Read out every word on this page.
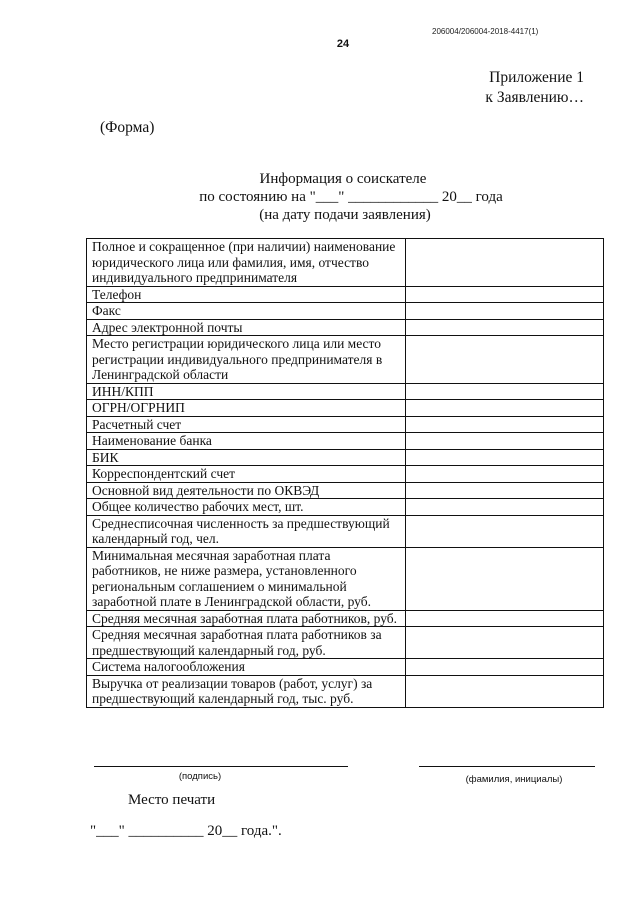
206004/206004-2018-4417(1)
24
Приложение 1
к Заявлению…
(Форма)
Информация о соискателе
по состоянию на "___" ____________ 20__ года
(на дату подачи заявления)
Полное и сокращенное (при наличии) наименование юридического лица или фамилия, имя, отчество индивидуального предпринимателя	
Телефон	
Факс	
Адрес электронной почты	
Место регистрации юридического лица или место регистрации индивидуального предпринимателя в Ленинградской области	
ИНН/КПП	
ОГРН/ОГРНИП	
Расчетный счет	
Наименование банка	
БИК	
Корреспондентский счет	
Основной вид деятельности по ОКВЭД	
Общее количество рабочих мест, шт.	
Среднесписочная численность за предшествующий календарный год, чел.	
Минимальная месячная заработная плата работников, не ниже размера, установленного региональным соглашением о минимальной заработной плате в Ленинградской области, руб.	
Средняя месячная заработная плата работников, руб.	
Средняя месячная заработная плата работников за предшествующий календарный год, руб.	
Система налогообложения	
Выручка от реализации товаров (работ, услуг) за предшествующий календарный год, тыс. руб.	
(подпись)	(фамилия, инициалы)
Место печати
"___" __________ 20__ года.".
